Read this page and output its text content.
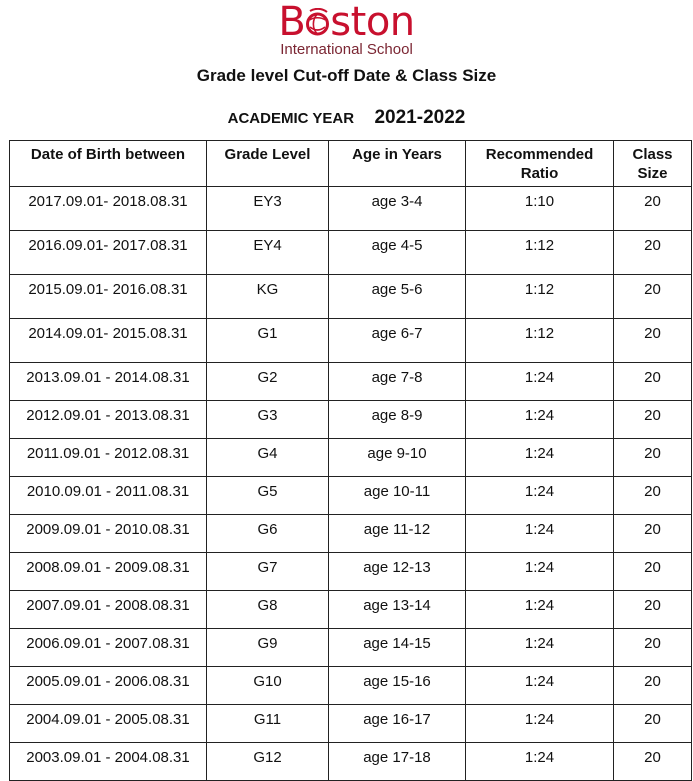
B ston
International School
Grade level Cut-off Date & Class Size
ACADEMIC YEAR 2021-2022
Date of Birth between	Grade Level	Age in Years	Recommended Ratio	Class Size
2017.09.01- 2018.08.31	EY3	age 3-4	1:10	20
2016.09.01- 2017.08.31	EY4	age 4-5	1:12	20
2015.09.01- 2016.08.31	KG	age 5-6	1:12	20
2014.09.01- 2015.08.31	G1	age 6-7	1:12	20
2013.09.01 - 2014.08.31	G2	age 7-8	1:24	20
2012.09.01 - 2013.08.31	G3	age 8-9	1:24	20
2011.09.01 - 2012.08.31	G4	age 9-10	1:24	20
2010.09.01 - 2011.08.31	G5	age 10-11	1:24	20
2009.09.01 - 2010.08.31	G6	age 11-12	1:24	20
2008.09.01 - 2009.08.31	G7	age 12-13	1:24	20
2007.09.01 - 2008.08.31	G8	age 13-14	1:24	20
2006.09.01 - 2007.08.31	G9	age 14-15	1:24	20
2005.09.01 - 2006.08.31	G10	age 15-16	1:24	20
2004.09.01 - 2005.08.31	G11	age 16-17	1:24	20
2003.09.01 - 2004.08.31	G12	age 17-18	1:24	20
